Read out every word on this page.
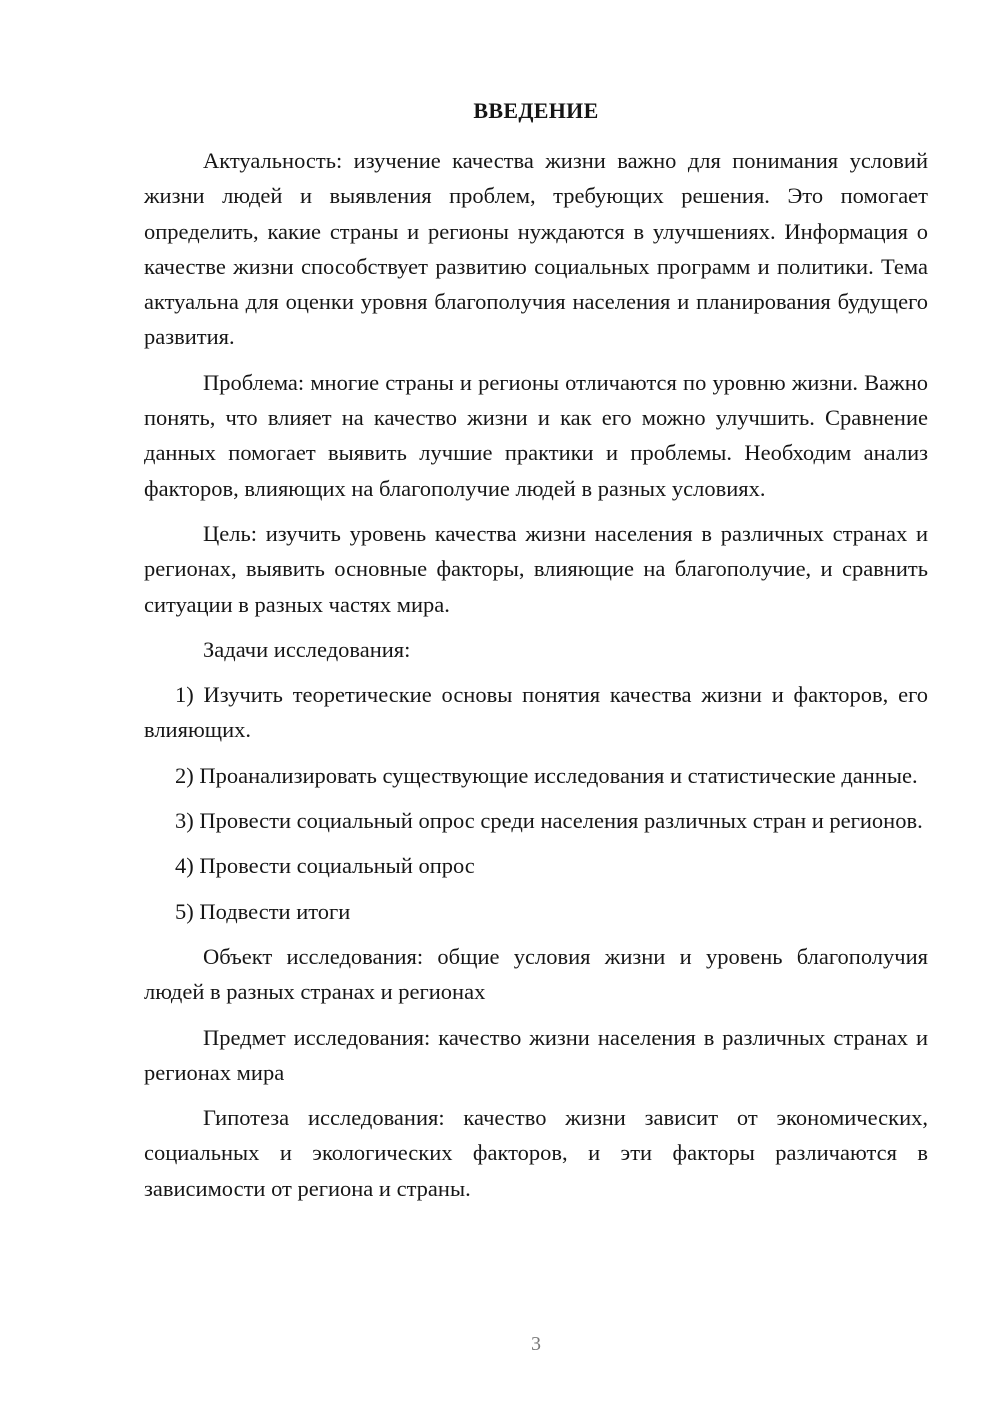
ВВЕДЕНИЕ

Актуальность: изучение качества жизни важно для понимания условий жизни людей и выявления проблем, требующих решения. Это помогает определить, какие страны и регионы нуждаются в улучшениях. Информация о качестве жизни способствует развитию социальных программ и политики. Тема актуальна для оценки уровня благополучия населения и планирования будущего развития.

Проблема: многие страны и регионы отличаются по уровню жизни. Важно понять, что влияет на качество жизни и как его можно улучшить. Сравнение данных помогает выявить лучшие практики и проблемы. Необходим анализ факторов, влияющих на благополучие людей в разных условиях.

Цель: изучить уровень качества жизни населения в различных странах и регионах, выявить основные факторы, влияющие на благополучие, и сравнить ситуации в разных частях мира.

Задачи исследования:

1) Изучить теоретические основы понятия качества жизни и факторов, его влияющих.

2) Проанализировать существующие исследования и статистические данные.

3) Провести социальный опрос среди населения различных стран и регионов.

4) Провести социальный опрос

5) Подвести итоги

Объект исследования: общие условия жизни и уровень благополучия людей в разных странах и регионах

Предмет исследования: качество жизни населения в различных странах и регионах мира

Гипотеза исследования: качество жизни зависит от экономических, социальных и экологических факторов, и эти факторы различаются в зависимости от региона и страны.

3
